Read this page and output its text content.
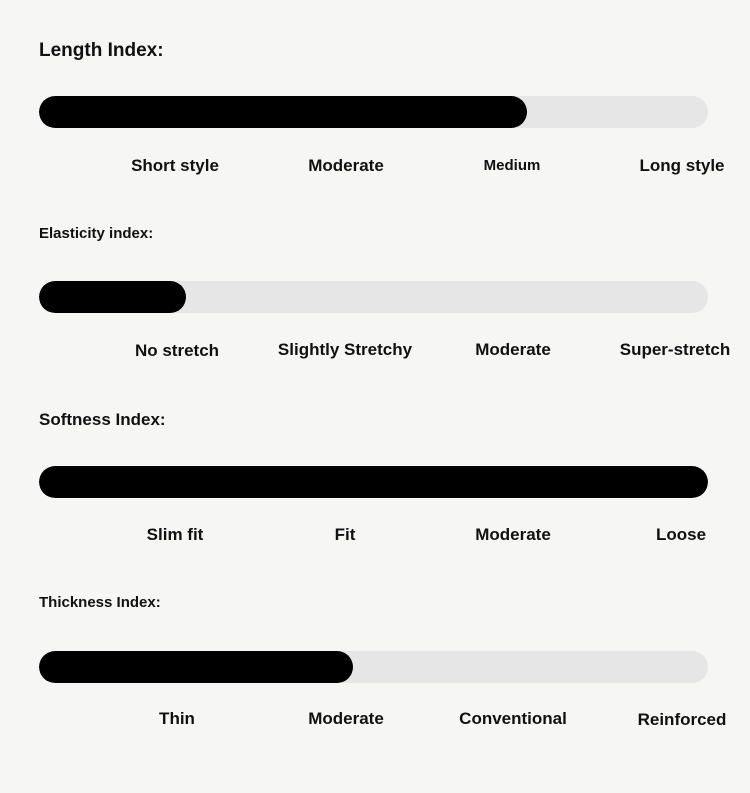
Length Index:
Short style	Moderate	Medium	Long style
Elasticity index:
No stretch	Slightly Stretchy	Moderate	Super-stretch
Softness Index:
Slim fit	Fit	Moderate	Loose
Thickness Index:
Thin	Moderate	Conventional	Reinforced
